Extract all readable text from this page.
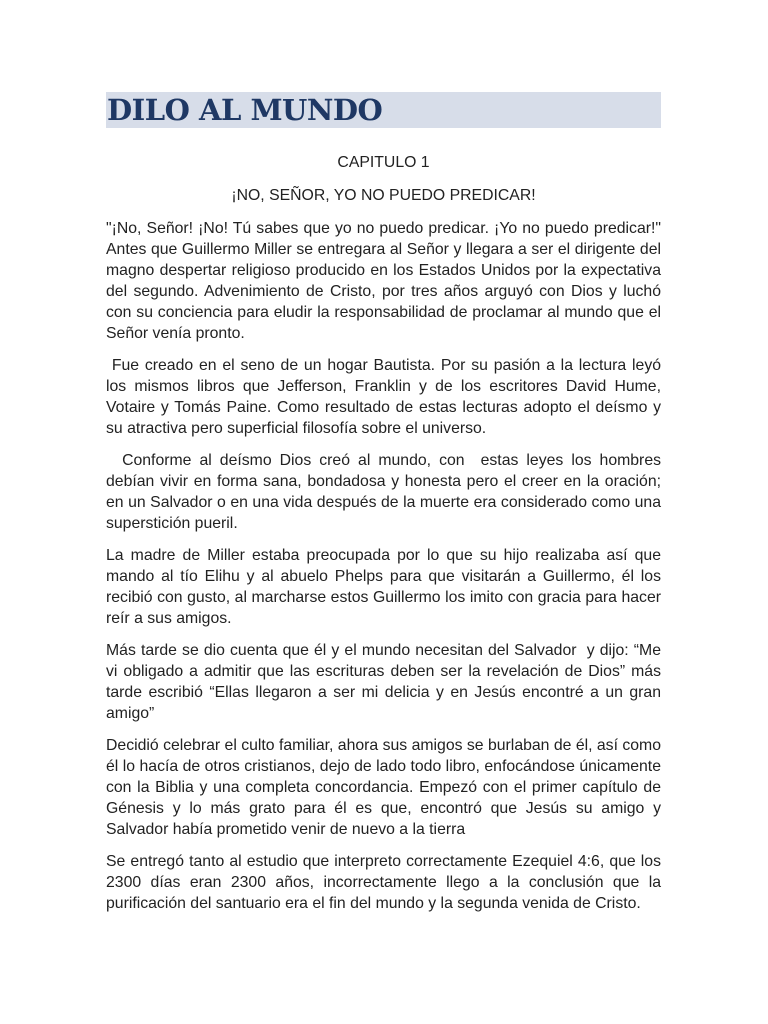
DILO AL MUNDO

CAPITULO 1

¡NO, SEÑOR, YO NO PUEDO PREDICAR!

"¡No, Señor! ¡No! Tú sabes que yo no puedo predicar. ¡Yo no puedo predicar!" Antes que Guillermo Miller se entregara al Señor y llegara a ser el dirigente del magno despertar religioso producido en los Estados Unidos por la expectativa del segundo. Advenimiento de Cristo, por tres años arguyó con Dios y luchó con su conciencia para eludir la responsabilidad de proclamar al mundo que el Señor venía pronto.

Fue creado en el seno de un hogar Bautista. Por su pasión a la lectura leyó los mismos libros que Jefferson, Franklin y de los escritores David Hume, Votaire y Tomás Paine. Como resultado de estas lecturas adopto el deísmo y su atractiva pero superficial filosofía sobre el universo.

Conforme al deísmo Dios creó al mundo, con  estas leyes los hombres debían vivir en forma sana, bondadosa y honesta pero el creer en la oración; en un Salvador o en una vida después de la muerte era considerado como una superstición pueril.

La madre de Miller estaba preocupada por lo que su hijo realizaba así que mando al tío Elihu y al abuelo Phelps para que visitarán a Guillermo, él los recibió con gusto, al marcharse estos Guillermo los imito con gracia para hacer reír a sus amigos.

Más tarde se dio cuenta que él y el mundo necesitan del Salvador  y dijo: “Me vi obligado a admitir que las escrituras deben ser la revelación de Dios” más tarde escribió “Ellas llegaron a ser mi delicia y en Jesús encontré a un gran amigo”

Decidió celebrar el culto familiar, ahora sus amigos se burlaban de él, así como él lo hacía de otros cristianos, dejo de lado todo libro, enfocándose únicamente con la Biblia y una completa concordancia. Empezó con el primer capítulo de Génesis y lo más grato para él es que, encontró que Jesús su amigo y Salvador había prometido venir de nuevo a la tierra

Se entregó tanto al estudio que interpreto correctamente Ezequiel 4:6, que los 2300 días eran 2300 años, incorrectamente llego a la conclusión que la purificación del santuario era el fin del mundo y la segunda venida de Cristo.
